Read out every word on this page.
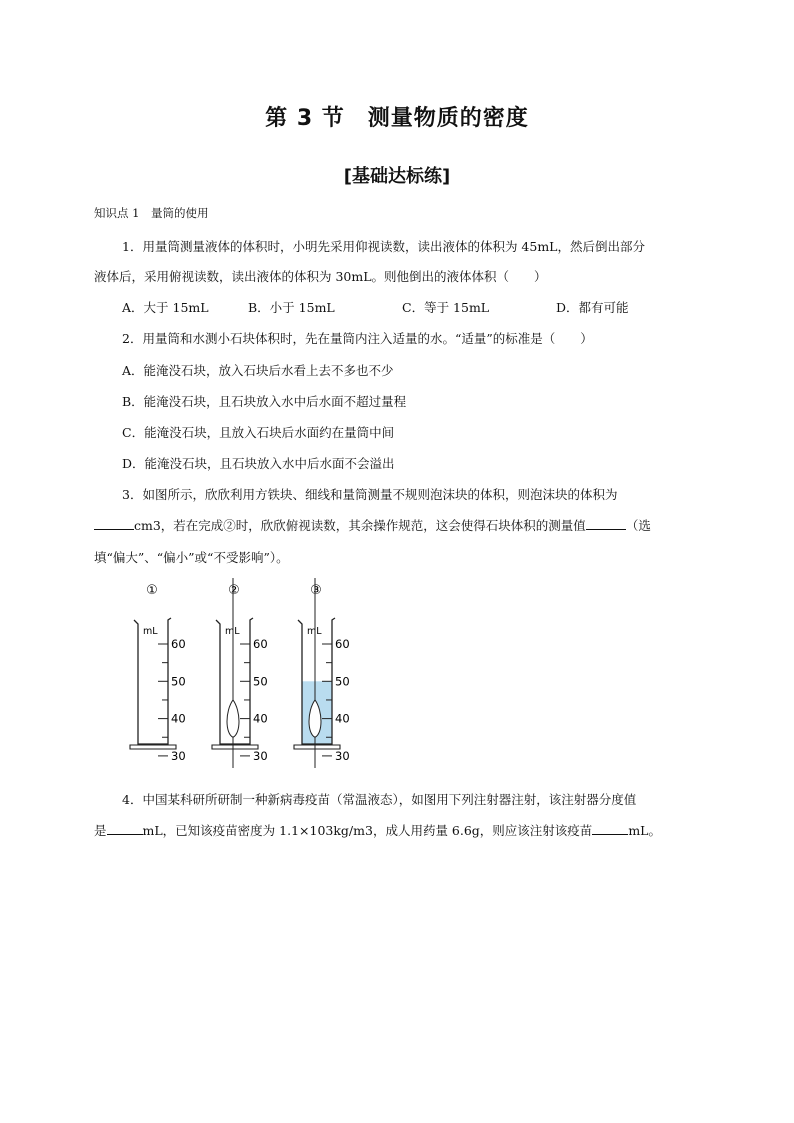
第 3 节　测量物质的密度
[基础达标练]
知识点 1　量筒的使用
1．用量筒测量液体的体积时，小明先采用仰视读数，读出液体的体积为 45mL，然后倒出部分
液体后，采用俯视读数，读出液体的体积为 30mL。则他倒出的液体体积（　　）
A．大于 15mL	B．小于 15mL	C．等于 15mL	D．都有可能
2．用量筒和水测小石块体积时，先在量筒内注入适量的水。“适量”的标准是（　　）
A．能淹没石块，放入石块后水看上去不多也不少
B．能淹没石块，且石块放入水中后水面不超过量程
C．能淹没石块，且放入石块后水面约在量筒中间
D．能淹没石块，且石块放入水中后水面不会溢出
3．如图所示，欣欣利用方铁块、细线和量筒测量不规则泡沫块的体积，则泡沫块的体积为
cm3，若在完成②时，欣欣俯视读数，其余操作规范，这会使得石块体积的测量值	（选
填“偏大”、“偏小”或“不受影响”）。
①
mL
60
50
40
30
②
mL
60
50
40
30
③
mL
60
50
40
30
4．中国某科研所研制一种新病毒疫苗（常温液态），如图用下列注射器注射，该注射器分度值
是	mL，已知该疫苗密度为 1.1×103kg/m3，成人用药量 6.6g，则应该注射该疫苗	mL。
